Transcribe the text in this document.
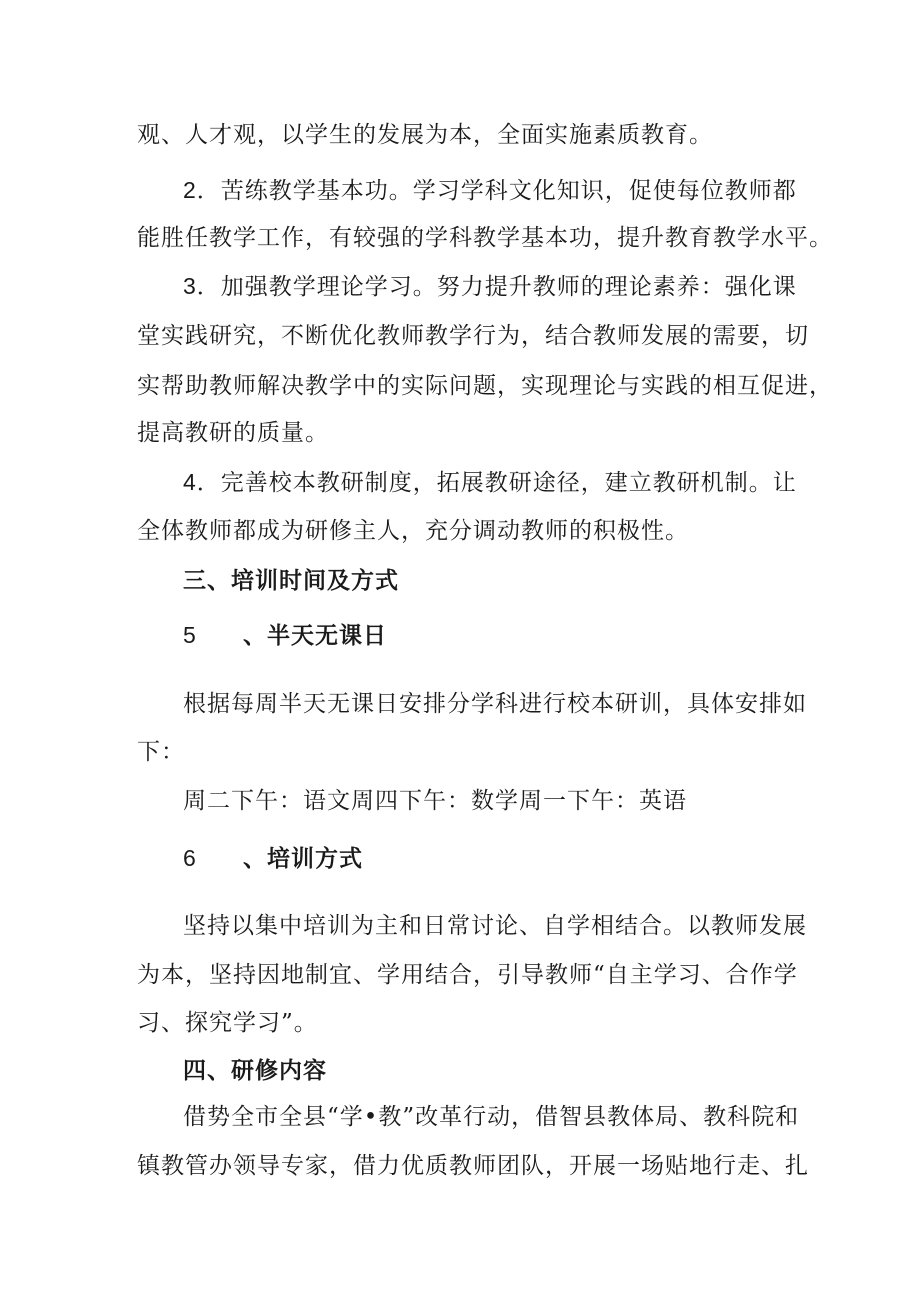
观、人才观，以学生的发展为本，全面实施素质教育。
2．苦练教学基本功。学习学科文化知识，促使每位教师都
能胜任教学工作，有较强的学科教学基本功，提升教育教学水平。
3．加强教学理论学习。努力提升教师的理论素养：强化课
堂实践研究，不断优化教师教学行为，结合教师发展的需要，切
实帮助教师解决教学中的实际问题，实现理论与实践的相互促进，
提高教研的质量。
4．完善校本教研制度，拓展教研途径，建立教研机制。让
全体教师都成为研修主人，充分调动教师的积极性。
三、培训时间及方式
5 、半天无课日
根据每周半天无课日安排分学科进行校本研训，具体安排如
下：
周二下午：语文周四下午：数学周一下午：英语
6 、培训方式
坚持以集中培训为主和日常讨论、自学相结合。以教师发展
为本，坚持因地制宜、学用结合，引导教师“自主学习、合作学
习、探究学习”。
四、研修内容
借势全市全县“学•教”改革行动，借智县教体局、教科院和
镇教管办领导专家，借力优质教师团队，开展一场贴地行走、扎
